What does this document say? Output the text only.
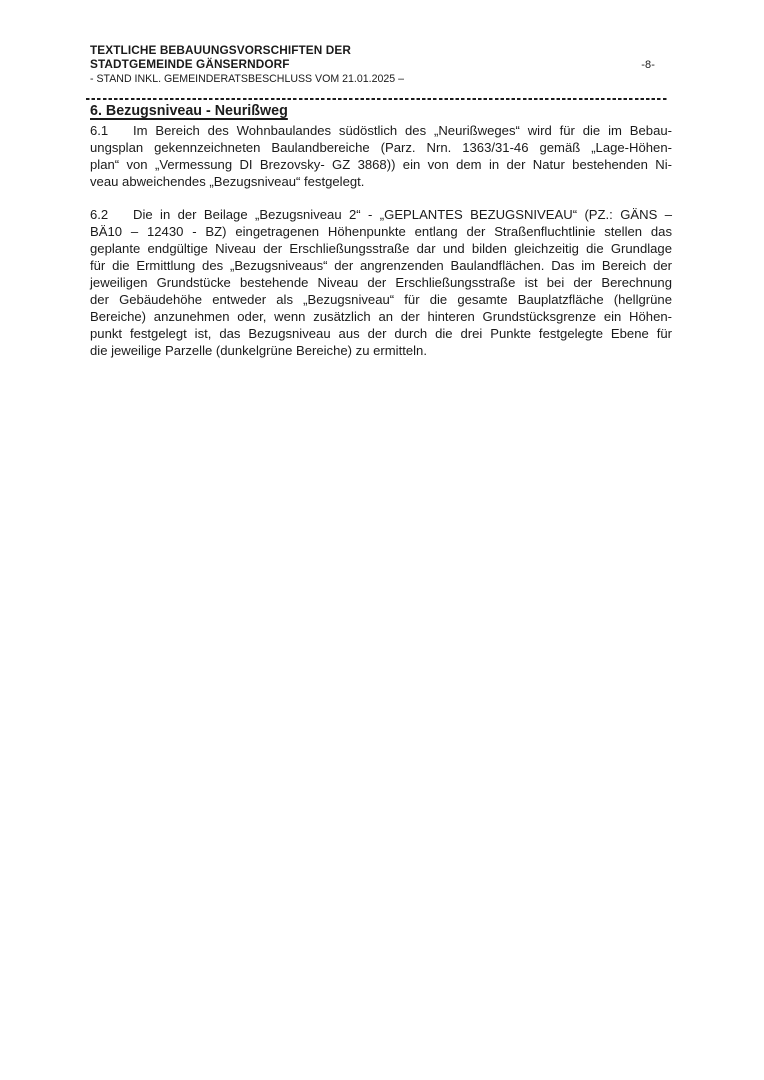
TEXTLICHE BEBAUUNGSVORSCHIFTEN DER
STADTGEMEINDE GÄNSERNDORF	-8-
- STAND INKL. GEMEINDERATSBESCHLUSS VOM 21.01.2025 –
6. Bezugsniveau - Neurißweg
6.1 Im Bereich des Wohnbaulandes südöstlich des „Neurißweges“ wird für die im Bebau-
ungsplan gekennzeichneten Baulandbereiche (Parz. Nrn. 1363/31-46 gemäß „Lage-Höhen-
plan“ von „Vermessung DI Brezovsky- GZ 3868)) ein von dem in der Natur bestehenden Ni-
veau abweichendes „Bezugsniveau“ festgelegt.
6.2 Die in der Beilage „Bezugsniveau 2“ - „GEPLANTES BEZUGSNIVEAU“ (PZ.: GÄNS –
BÄ10 – 12430 - BZ) eingetragenen Höhenpunkte entlang der Straßenfluchtlinie stellen das
geplante endgültige Niveau der Erschließungsstraße dar und bilden gleichzeitig die Grundlage
für die Ermittlung des „Bezugsniveaus“ der angrenzenden Baulandflächen. Das im Bereich der
jeweiligen Grundstücke bestehende Niveau der Erschließungsstraße ist bei der Berechnung
der Gebäudehöhe entweder als „Bezugsniveau“ für die gesamte Bauplatzfläche (hellgrüne
Bereiche) anzunehmen oder, wenn zusätzlich an der hinteren Grundstücksgrenze ein Höhen-
punkt festgelegt ist, das Bezugsniveau aus der durch die drei Punkte festgelegte Ebene für
die jeweilige Parzelle (dunkelgrüne Bereiche) zu ermitteln.
